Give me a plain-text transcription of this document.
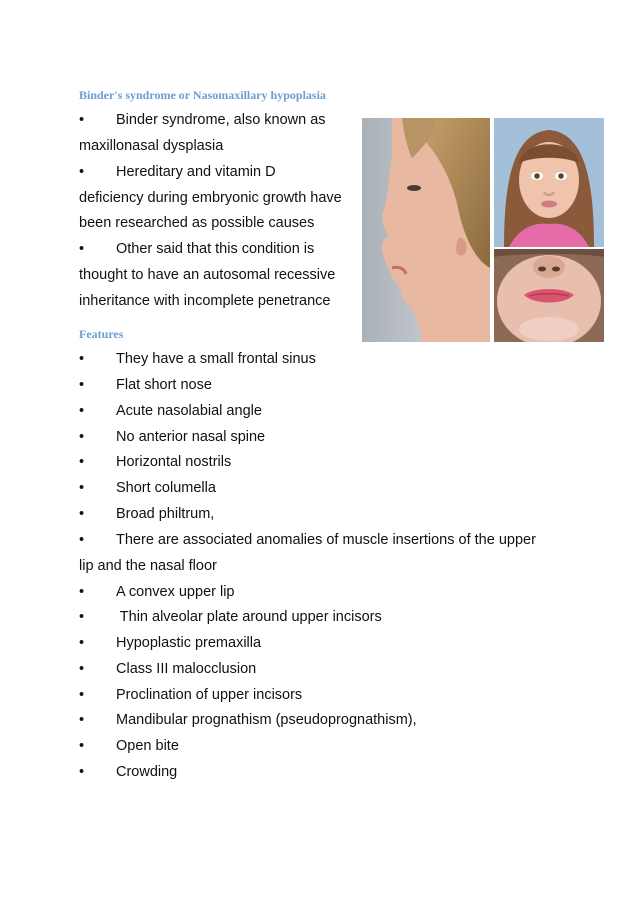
Binder's syndrome or Nasomaxillary hypoplasia
• Binder syndrome, also known as
maxillonasal dysplasia
• Hereditary and vitamin D
deficiency during embryonic growth have
been researched as possible causes
• Other said that this condition is
thought to have an autosomal recessive
inheritance with incomplete penetrance
Features
• They have a small frontal sinus
• Flat short nose
• Acute nasolabial angle
• No anterior nasal spine
• Horizontal nostrils
• Short columella
• Broad philtrum,
• There are associated anomalies of muscle insertions of the upper
lip and the nasal floor
• A convex upper lip
• Thin alveolar plate around upper incisors
• Hypoplastic premaxilla
• Class III malocclusion
• Proclination of upper incisors
• Mandibular prognathism (pseudoprognathism),
• Open bite
• Crowding
